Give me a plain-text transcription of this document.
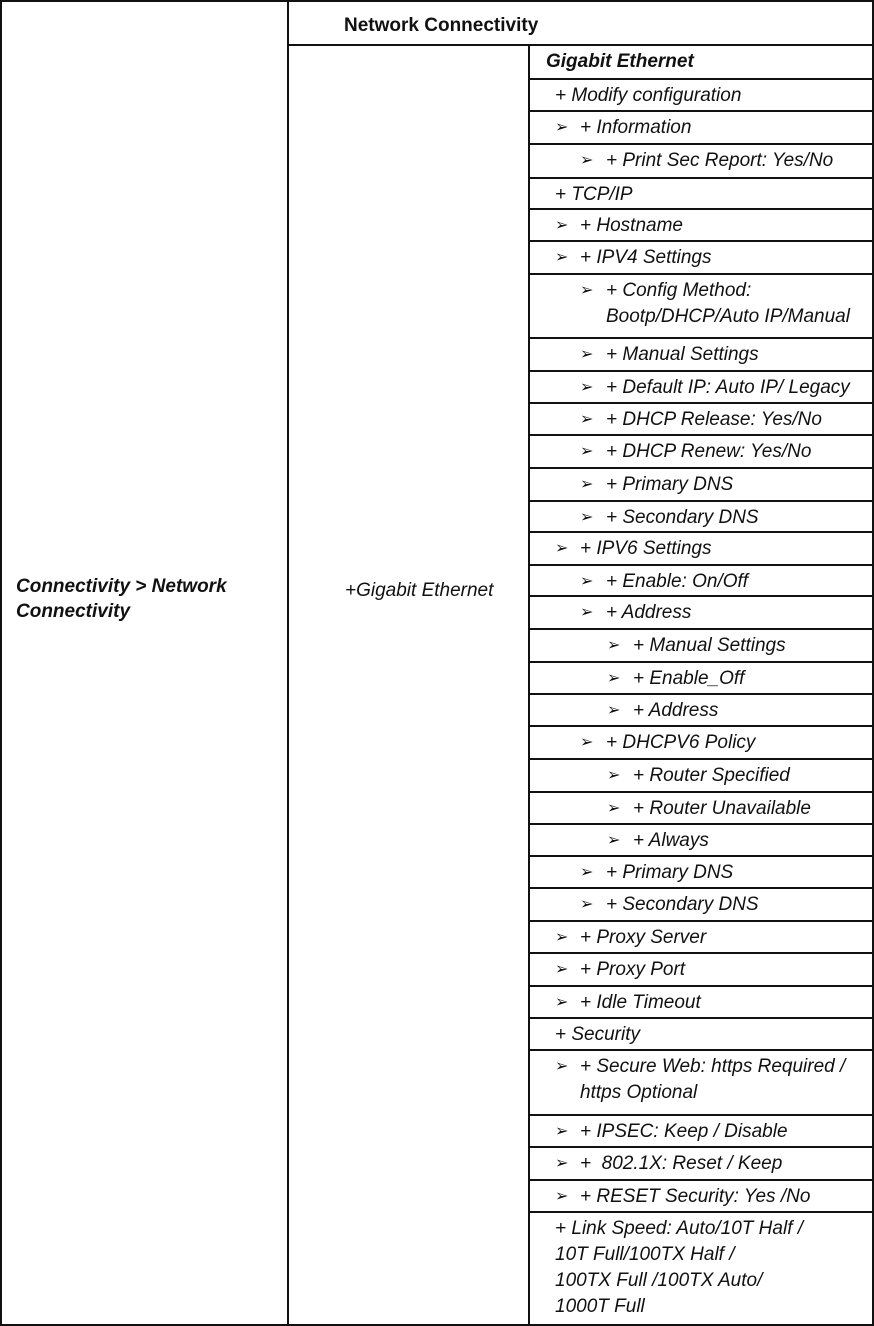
Connectivity > Network Connectivity
Network Connectivity
+Gigabit Ethernet
Gigabit Ethernet
+ Modify configuration
➢ + Information
➢ + Print Sec Report: Yes/No
+ TCP/IP
➢ + Hostname
➢ + IPV4 Settings
➢ + Config Method:
Bootp/DHCP/Auto IP/Manual
➢ + Manual Settings
➢ + Default IP: Auto IP/ Legacy
➢ + DHCP Release: Yes/No
➢ + DHCP Renew: Yes/No
➢ + Primary DNS
➢ + Secondary DNS
➢ + IPV6 Settings
➢ + Enable: On/Off
➢ + Address
➢ + Manual Settings
➢ + Enable_Off
➢ + Address
➢ + DHCPV6 Policy
➢ + Router Specified
➢ + Router Unavailable
➢ + Always
➢ + Primary DNS
➢ + Secondary DNS
➢ + Proxy Server
➢ + Proxy Port
➢ + Idle Timeout
+ Security
➢ + Secure Web: https Required /
https Optional
➢ + IPSEC: Keep / Disable
➢ +  802.1X: Reset / Keep
➢ + RESET Security: Yes /No
+ Link Speed: Auto/10T Half /
10T Full/100TX Half /
100TX Full /100TX Auto/
1000T Full
